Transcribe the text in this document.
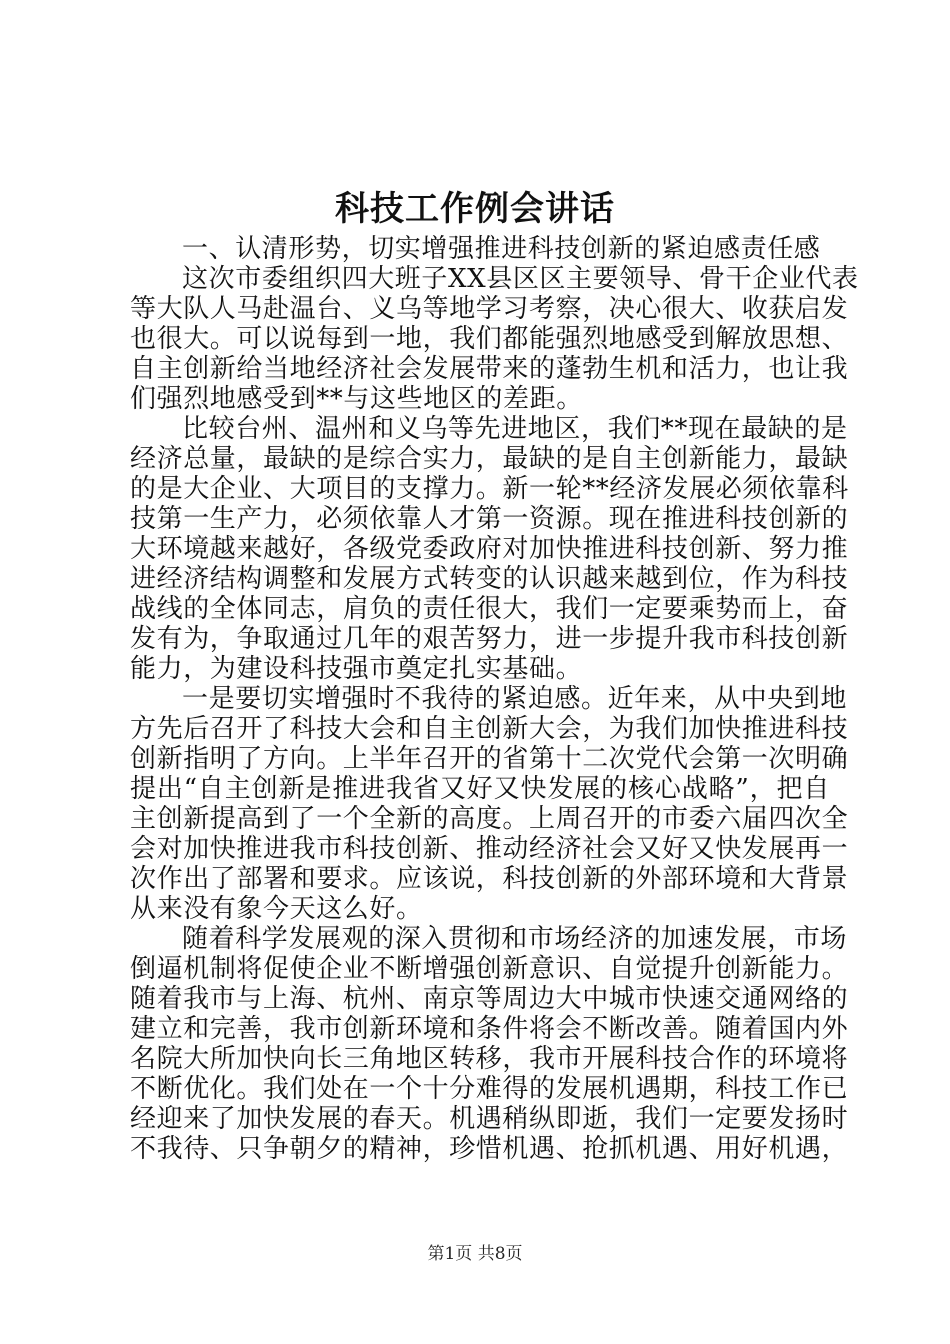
科技工作例会讲话
一、认清形势，切实增强推进科技创新的紧迫感责任感
这次市委组织四大班子XX县区区主要领导、骨干企业代表
等大队人马赴温台、义乌等地学习考察，决心很大、收获启发
也很大。可以说每到一地，我们都能强烈地感受到解放思想、
自主创新给当地经济社会发展带来的蓬勃生机和活力，也让我
们强烈地感受到**与这些地区的差距。
比较台州、温州和义乌等先进地区，我们**现在最缺的是
经济总量，最缺的是综合实力，最缺的是自主创新能力，最缺
的是大企业、大项目的支撑力。新一轮**经济发展必须依靠科
技第一生产力，必须依靠人才第一资源。现在推进科技创新的
大环境越来越好，各级党委政府对加快推进科技创新、努力推
进经济结构调整和发展方式转变的认识越来越到位，作为科技
战线的全体同志，肩负的责任很大，我们一定要乘势而上，奋
发有为，争取通过几年的艰苦努力，进一步提升我市科技创新
能力，为建设科技强市奠定扎实基础。
一是要切实增强时不我待的紧迫感。近年来，从中央到地
方先后召开了科技大会和自主创新大会，为我们加快推进科技
创新指明了方向。上半年召开的省第十二次党代会第一次明确
提出“自主创新是推进我省又好又快发展的核心战略”，把自
主创新提高到了一个全新的高度。上周召开的市委六届四次全
会对加快推进我市科技创新、推动经济社会又好又快发展再一
次作出了部署和要求。应该说，科技创新的外部环境和大背景
从来没有象今天这么好。
随着科学发展观的深入贯彻和市场经济的加速发展，市场
倒逼机制将促使企业不断增强创新意识、自觉提升创新能力。
随着我市与上海、杭州、南京等周边大中城市快速交通网络的
建立和完善，我市创新环境和条件将会不断改善。随着国内外
名院大所加快向长三角地区转移，我市开展科技合作的环境将
不断优化。我们处在一个十分难得的发展机遇期，科技工作已
经迎来了加快发展的春天。机遇稍纵即逝，我们一定要发扬时
不我待、只争朝夕的精神，珍惜机遇、抢抓机遇、用好机遇，
第1页 共8页
